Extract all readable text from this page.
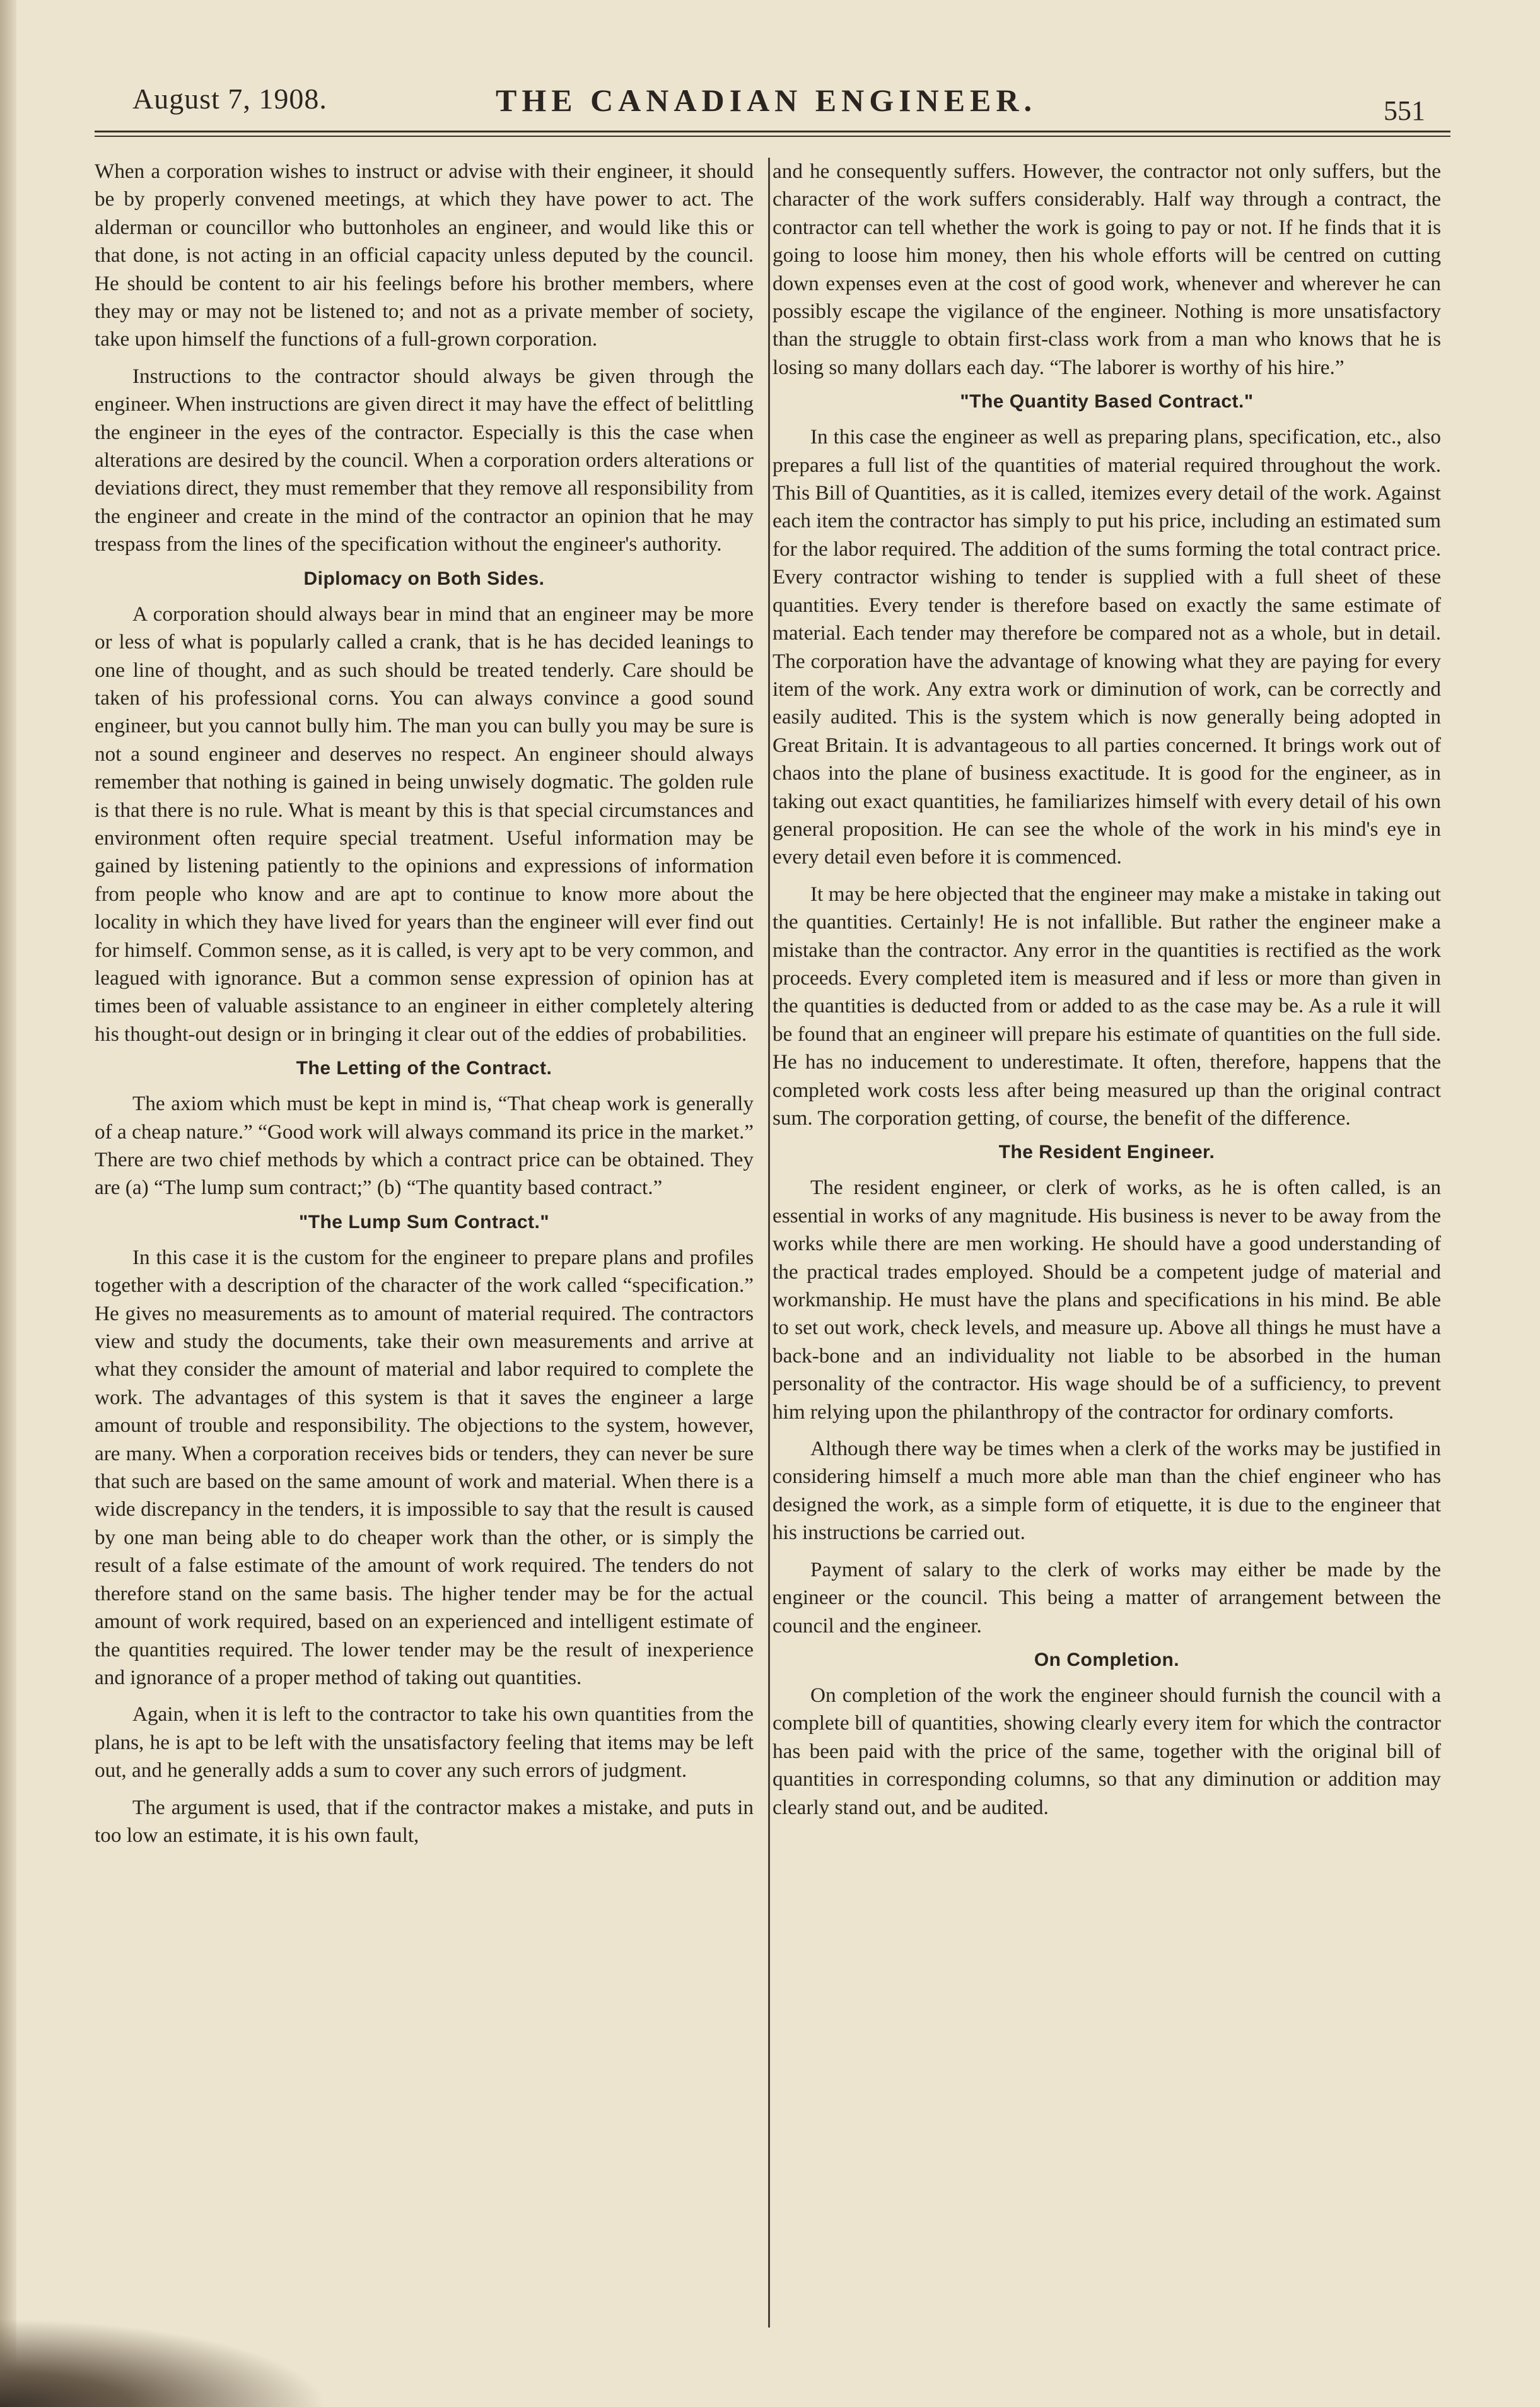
August 7, 1908.	THE CANADIAN ENGINEER.	551

When a corporation wishes to instruct or advise with their engineer, it should be by properly convened meetings, at which they have power to act. The alderman or councillor who buttonholes an engineer, and would like this or that done, is not acting in an official capacity unless deputed by the council. He should be content to air his feelings before his brother members, where they may or may not be listened to; and not as a private member of society, take upon himself the functions of a full-grown corporation.

Instructions to the contractor should always be given through the engineer. When instructions are given direct it may have the effect of belittling the engineer in the eyes of the contractor. Especially is this the case when alterations are desired by the council. When a corporation orders alterations or deviations direct, they must remember that they remove all responsibility from the engineer and create in the mind of the contractor an opinion that he may trespass from the lines of the specification without the engineer's authority.

Diplomacy on Both Sides.

A corporation should always bear in mind that an engineer may be more or less of what is popularly called a crank, that is he has decided leanings to one line of thought, and as such should be treated tenderly. Care should be taken of his professional corns. You can always convince a good sound engineer, but you cannot bully him. The man you can bully you may be sure is not a sound engineer and deserves no respect. An engineer should always remember that nothing is gained in being unwisely dogmatic. The golden rule is that there is no rule. What is meant by this is that special circumstances and environment often require special treatment. Useful information may be gained by listening patiently to the opinions and expressions of information from people who know and are apt to continue to know more about the locality in which they have lived for years than the engineer will ever find out for himself. Common sense, as it is called, is very apt to be very common, and leagued with ignorance. But a common sense expression of opinion has at times been of valuable assistance to an engineer in either completely altering his thought-out design or in bringing it clear out of the eddies of probabilities.

The Letting of the Contract.

The axiom which must be kept in mind is, “That cheap work is generally of a cheap nature.” “Good work will always command its price in the market.” There are two chief methods by which a contract price can be obtained. They are (a) “The lump sum contract;” (b) “The quantity based contract.”

"The Lump Sum Contract."

In this case it is the custom for the engineer to prepare plans and profiles together with a description of the character of the work called “specification.” He gives no measurements as to amount of material required. The contractors view and study the documents, take their own measurements and arrive at what they consider the amount of material and labor required to complete the work. The advantages of this system is that it saves the engineer a large amount of trouble and responsibility. The objections to the system, however, are many. When a corporation receives bids or tenders, they can never be sure that such are based on the same amount of work and material. When there is a wide discrepancy in the tenders, it is impossible to say that the result is caused by one man being able to do cheaper work than the other, or is simply the result of a false estimate of the amount of work required. The tenders do not therefore stand on the same basis. The higher tender may be for the actual amount of work required, based on an experienced and intelligent estimate of the quantities required. The lower tender may be the result of inexperience and ignorance of a proper method of taking out quantities.

Again, when it is left to the contractor to take his own quantities from the plans, he is apt to be left with the unsatisfactory feeling that items may be left out, and he generally adds a sum to cover any such errors of judgment.

The argument is used, that if the contractor makes a mistake, and puts in too low an estimate, it is his own fault,

and he consequently suffers. However, the contractor not only suffers, but the character of the work suffers considerably. Half way through a contract, the contractor can tell whether the work is going to pay or not. If he finds that it is going to loose him money, then his whole efforts will be centred on cutting down expenses even at the cost of good work, whenever and wherever he can possibly escape the vigilance of the engineer. Nothing is more unsatisfactory than the struggle to obtain first-class work from a man who knows that he is losing so many dollars each day. “The laborer is worthy of his hire.”

"The Quantity Based Contract."

In this case the engineer as well as preparing plans, specification, etc., also prepares a full list of the quantities of material required throughout the work. This Bill of Quantities, as it is called, itemizes every detail of the work. Against each item the contractor has simply to put his price, including an estimated sum for the labor required. The addition of the sums forming the total contract price. Every contractor wishing to tender is supplied with a full sheet of these quantities. Every tender is therefore based on exactly the same estimate of material. Each tender may therefore be compared not as a whole, but in detail. The corporation have the advantage of knowing what they are paying for every item of the work. Any extra work or diminution of work, can be correctly and easily audited. This is the system which is now generally being adopted in Great Britain. It is advantageous to all parties concerned. It brings work out of chaos into the plane of business exactitude. It is good for the engineer, as in taking out exact quantities, he familiarizes himself with every detail of his own general proposition. He can see the whole of the work in his mind's eye in every detail even before it is commenced.

It may be here objected that the engineer may make a mistake in taking out the quantities. Certainly! He is not infallible. But rather the engineer make a mistake than the contractor. Any error in the quantities is rectified as the work proceeds. Every completed item is measured and if less or more than given in the quantities is deducted from or added to as the case may be. As a rule it will be found that an engineer will prepare his estimate of quantities on the full side. He has no inducement to underestimate. It often, therefore, happens that the completed work costs less after being measured up than the original contract sum. The corporation getting, of course, the benefit of the difference.

The Resident Engineer.

The resident engineer, or clerk of works, as he is often called, is an essential in works of any magnitude. His business is never to be away from the works while there are men working. He should have a good understanding of the practical trades employed. Should be a competent judge of material and workmanship. He must have the plans and specifications in his mind. Be able to set out work, check levels, and measure up. Above all things he must have a back-bone and an individuality not liable to be absorbed in the human personality of the contractor. His wage should be of a sufficiency, to prevent him relying upon the philanthropy of the contractor for ordinary comforts.

Although there way be times when a clerk of the works may be justified in considering himself a much more able man than the chief engineer who has designed the work, as a simple form of etiquette, it is due to the engineer that his instructions be carried out.

Payment of salary to the clerk of works may either be made by the engineer or the council. This being a matter of arrangement between the council and the engineer.

On Completion.

On completion of the work the engineer should furnish the council with a complete bill of quantities, showing clearly every item for which the contractor has been paid with the price of the same, together with the original bill of quantities in corresponding columns, so that any diminution or addition may clearly stand out, and be audited.
